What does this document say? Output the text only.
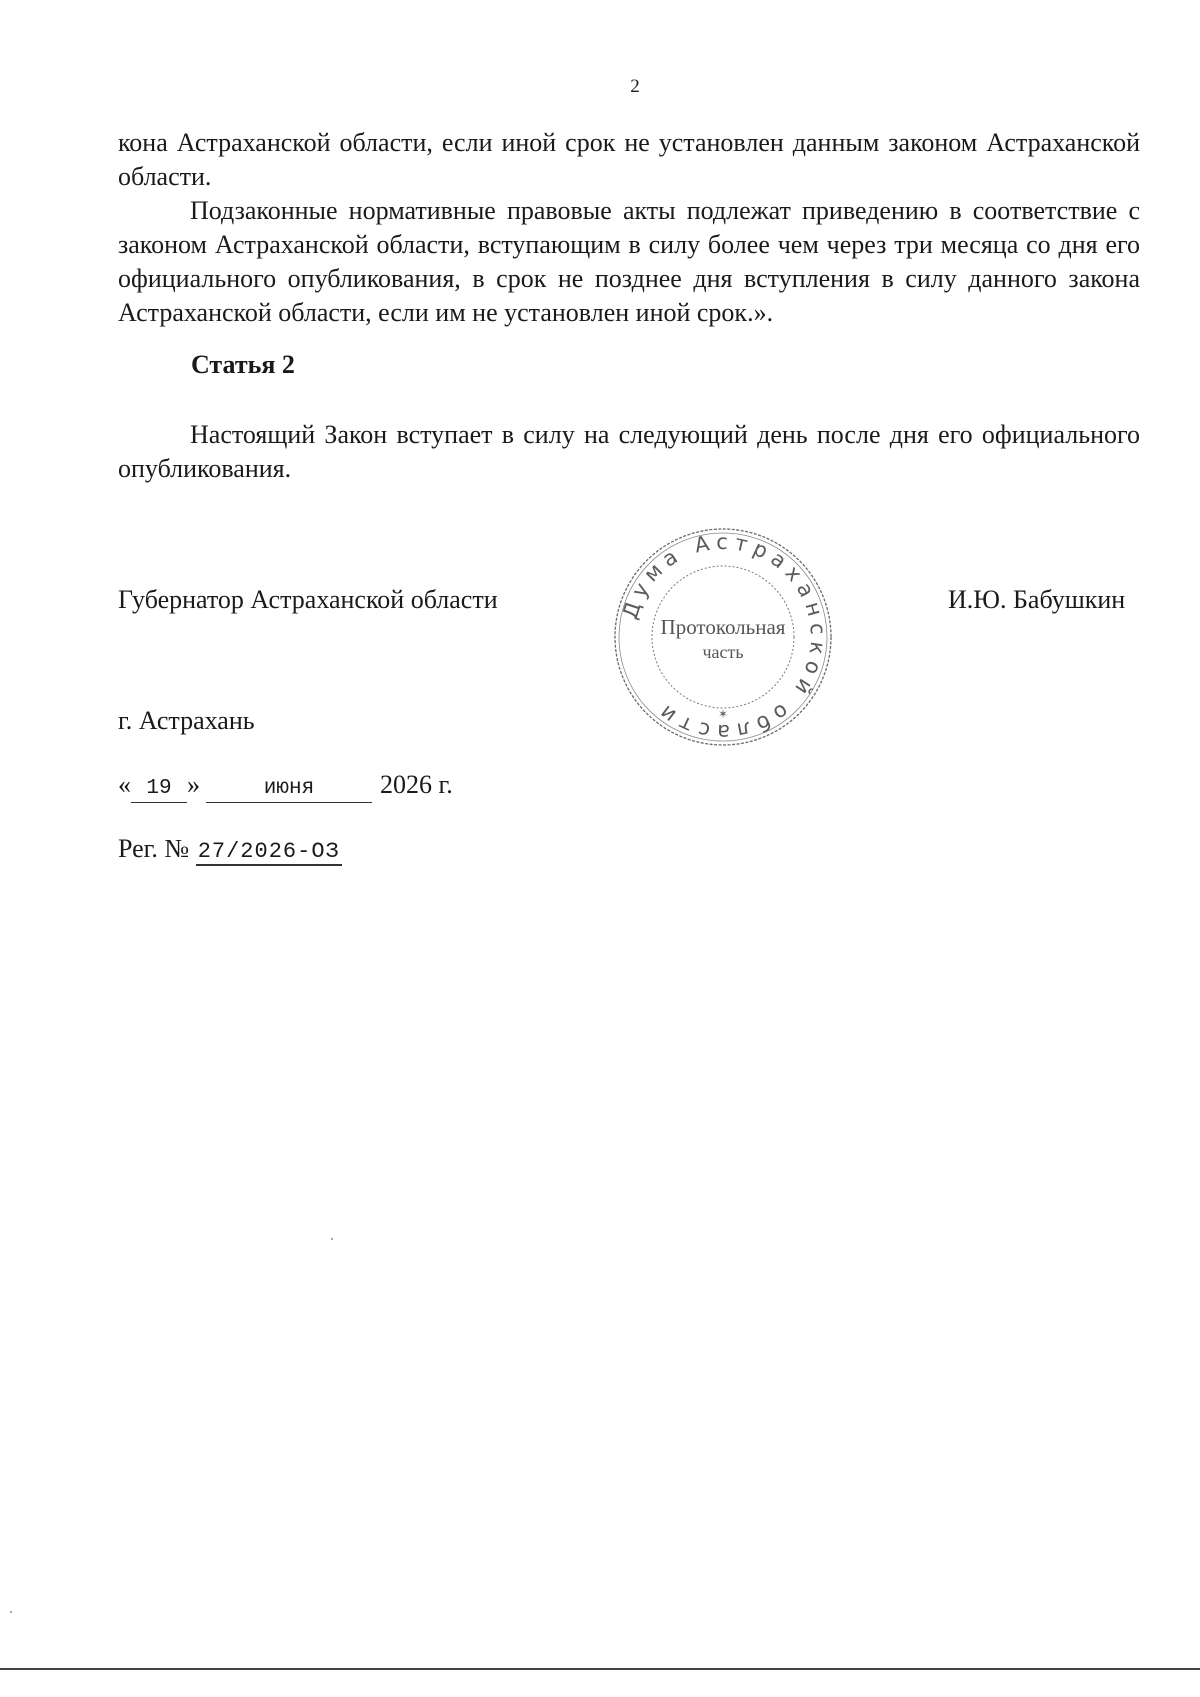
2

кона Астраханской области, если иной срок не установлен данным законом Астраханской области.

Подзаконные нормативные правовые акты подлежат приведению в соответствие с законом Астраханской области, вступающим в силу более чем через три месяца со дня его официального опубликования, в срок не позднее дня вступления в силу данного закона Астраханской области, если им не установлен иной срок.».

Статья 2

Настоящий Закон вступает в силу на следующий день после дня его официального опубликования.

Губернатор Астраханской области	Дума Астраханской области
Протокольная
часть
✶
И.Ю. Бабушкин
г. Астрахань
« 19 »	июня	2026 г.
Рег. № 27/2026-ОЗ
